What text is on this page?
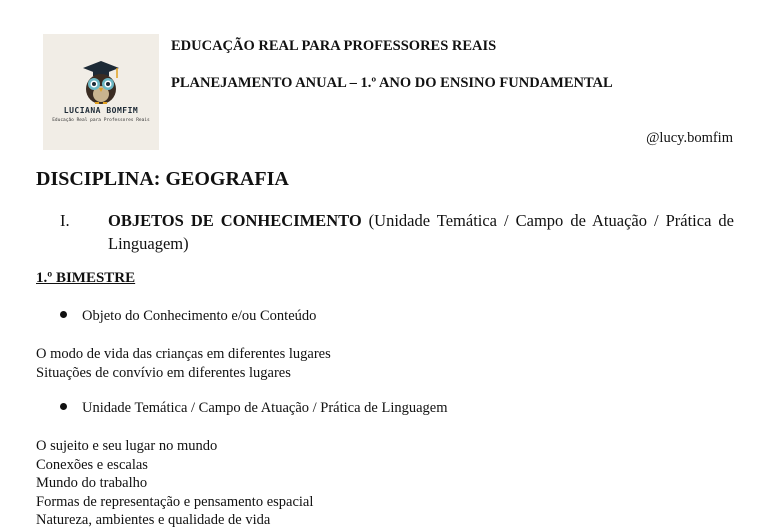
LUCIANA BOMFIM
Educação Real para Professores Reais
EDUCAÇÃO REAL PARA PROFESSORES REAIS
PLANEJAMENTO ANUAL – 1.º ANO DO ENSINO FUNDAMENTAL
@lucy.bomfim
DISCIPLINA: GEOGRAFIA
I. OBJETOS DE CONHECIMENTO (Unidade Temática / Campo de Atuação / Prática de Linguagem)
1.º BIMESTRE
Objeto do Conhecimento e/ou Conteúdo
O modo de vida das crianças em diferentes lugares
Situações de convívio em diferentes lugares
Unidade Temática / Campo de Atuação / Prática de Linguagem
O sujeito e seu lugar no mundo
Conexões e escalas
Mundo do trabalho
Formas de representação e pensamento espacial
Natureza, ambientes e qualidade de vida
